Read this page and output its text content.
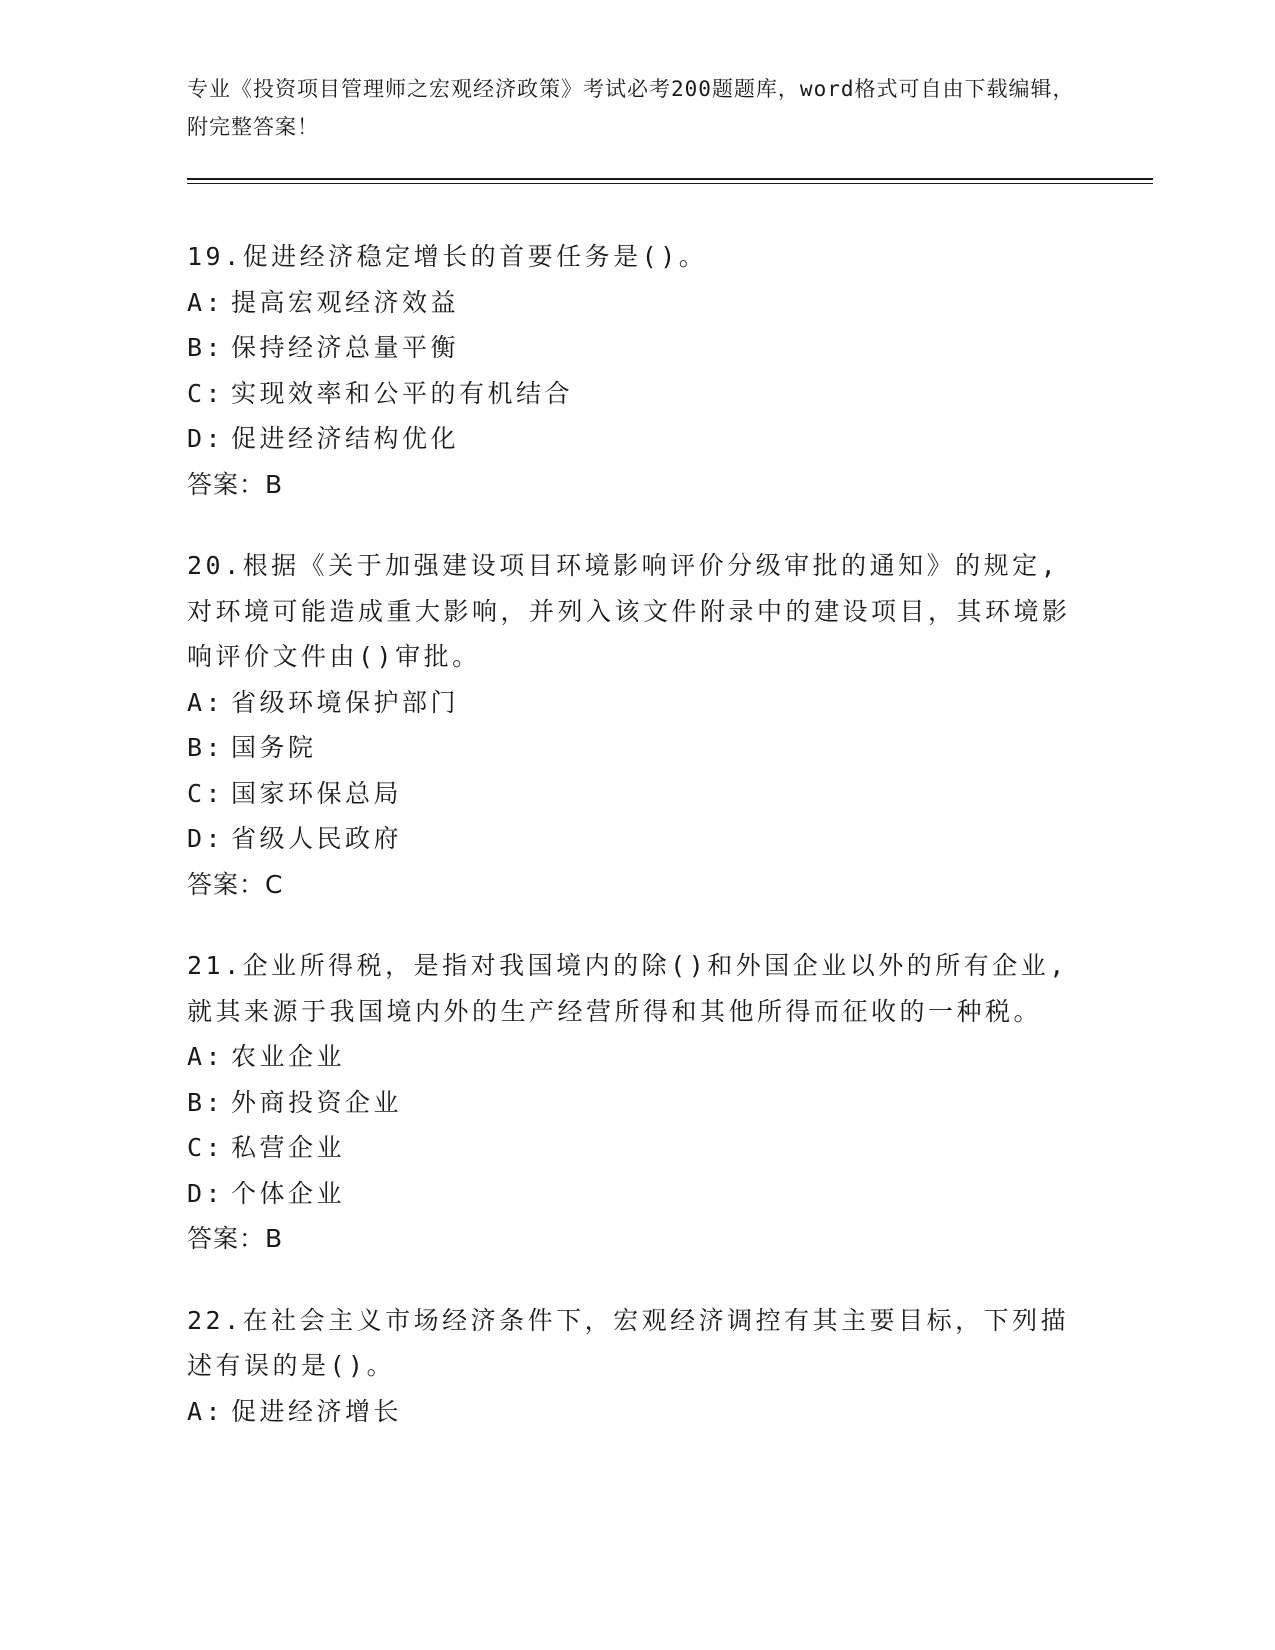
专业《投资项目管理师之宏观经济政策》考试必考200题题库，word格式可自由下载编辑，附完整答案！
19.促进经济稳定增长的首要任务是()。
A: 提高宏观经济效益
B: 保持经济总量平衡
C: 实现效率和公平的有机结合
D: 促进经济结构优化
答案：B
20.根据《关于加强建设项目环境影响评价分级审批的通知》的规定,对环境可能造成重大影响，并列入该文件附录中的建设项目，其环境影响评价文件由()审批。
A: 省级环境保护部门
B: 国务院
C: 国家环保总局
D: 省级人民政府
答案：C
21.企业所得税，是指对我国境内的除()和外国企业以外的所有企业,就其来源于我国境内外的生产经营所得和其他所得而征收的一种税。
A: 农业企业
B: 外商投资企业
C: 私营企业
D: 个体企业
答案：B
22.在社会主义市场经济条件下，宏观经济调控有其主要目标，下列描述有误的是()。
A: 促进经济增长
